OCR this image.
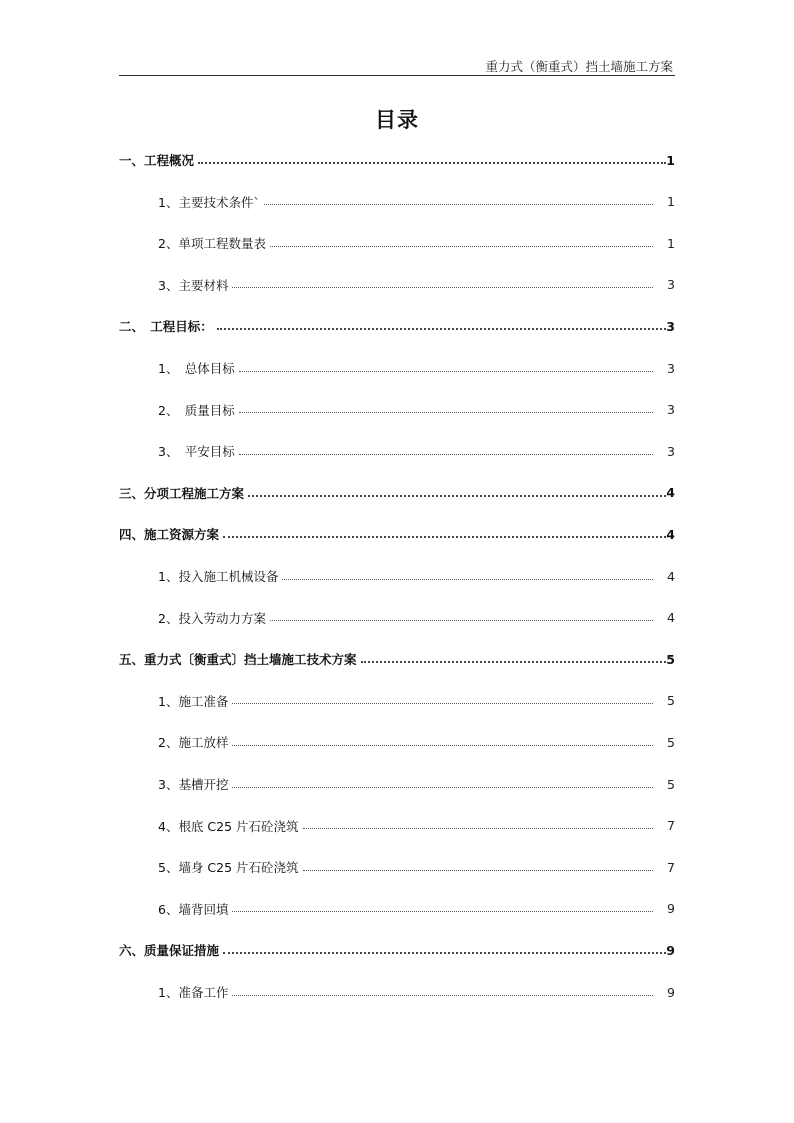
重力式（衡重式）挡土墙施工方案
目录
一、工程概况	1
1、主要技术条件`	1
2、单项工程数量表	1
3、主要材料	3
二、　工程目标：	3
1、　总体目标	3
2、　质量目标	3
3、　平安目标	3
三、分项工程施工方案	4
四、施工资源方案	4
1、投入施工机械设备	4
2、投入劳动力方案	4
五、重力式〔衡重式〕挡土墙施工技术方案	5
1、施工准备	5
2、施工放样	5
3、基槽开挖	5
4、根底 C25 片石砼浇筑	7
5、墙身 C25 片石砼浇筑	7
6、墙背回填	9
六、质量保证措施	9
1、准备工作	9
